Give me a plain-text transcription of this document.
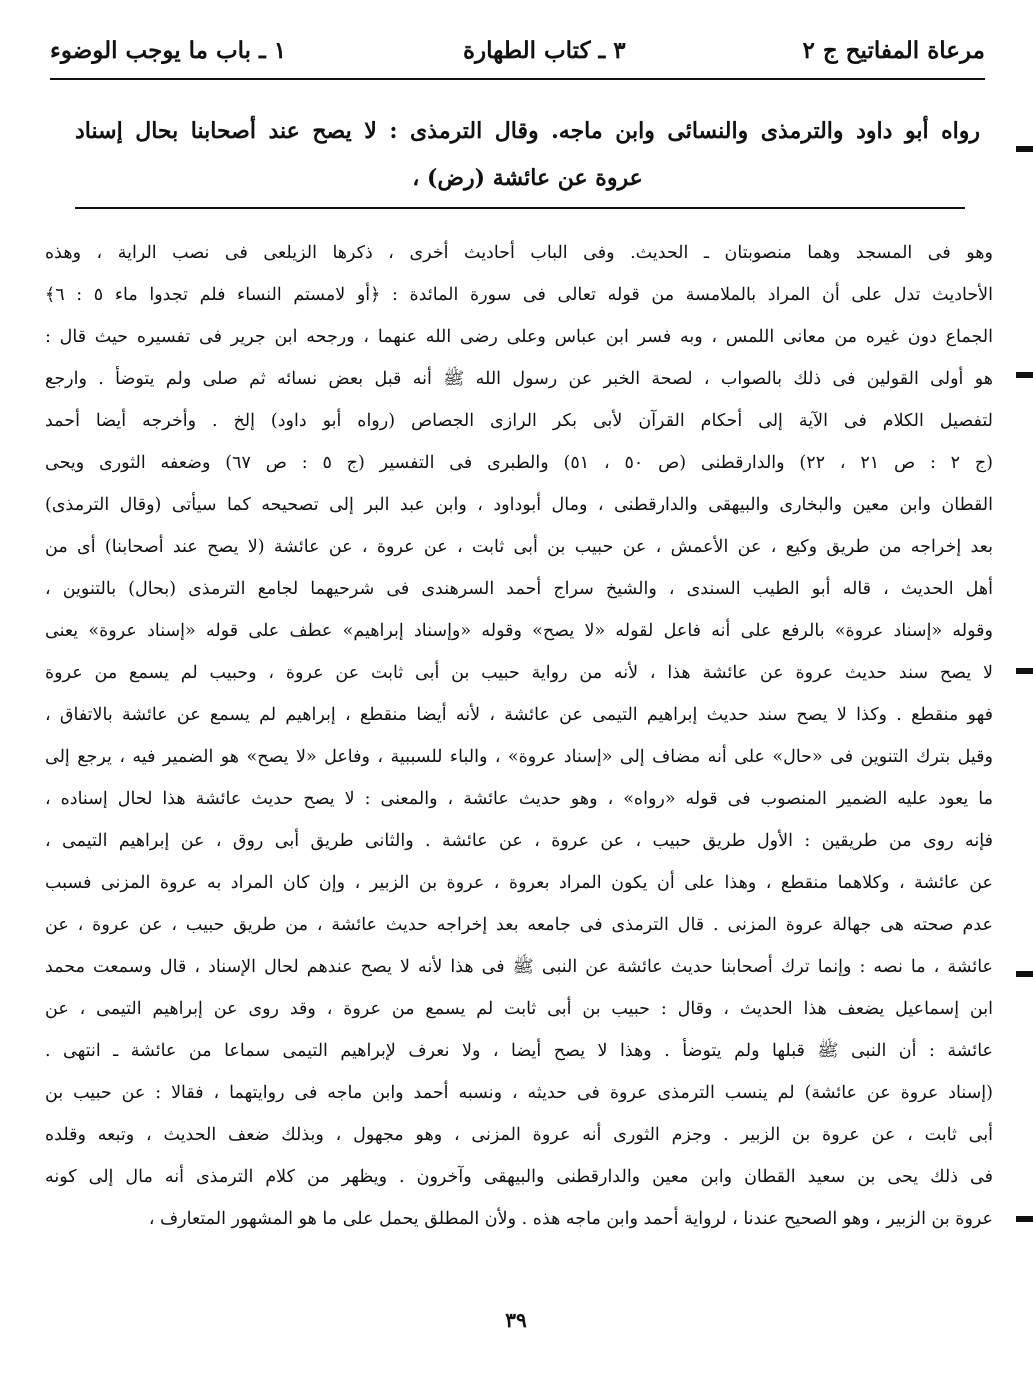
مرعاة المفاتيح ج ٢
٣ ـ كتاب الطهارة
١ ـ باب ما يوجب الوضوء

رواه أبو داود والترمذى والنسائى وابن ماجه. وقال الترمذى : لا يصح عند أصحابنا بحال إسناد

عروة عن عائشة (رض) ،

وهو فى المسجد وهما منصوبتان ـ الحديث. وفى الباب أحاديث أخرى ، ذكرها الزيلعى فى نصب الراية ، وهذه
الأحاديث تدل على أن المراد بالملامسة من قوله تعالى فى سورة المائدة : ﴿أو لامستم النساء فلم تجدوا ماء ٥ : ٦﴾
الجماع دون غيره من معانى اللمس ، وبه فسر ابن عباس وعلى رضى الله عنهما ، ورجحه ابن جرير فى تفسيره حيث قال :
هو أولى القولين فى ذلك بالصواب ، لصحة الخبر عن رسول الله ﷺ أنه قبل بعض نسائه ثم صلى ولم يتوضأ . وارجع
لتفصيل الكلام فى الآية إلى أحكام القرآن لأبى بكر الرازى الجصاص (رواه أبو داود) إلخ . وأخرجه أيضا أحمد
(ج ٢ : ص ٢١ ، ٢٢) والدارقطنى (ص ٥٠ ، ٥١) والطبرى فى التفسير (ج ٥ : ص ٦٧) وضعفه الثورى ويحى
القطان وابن معين والبخارى والبيهقى والدارقطنى ، ومال أبوداود ، وابن عبد البر إلى تصحيحه كما سيأتى (وقال الترمذى)
بعد إخراجه من طريق وكيع ، عن الأعمش ، عن حبيب بن أبى ثابت ، عن عروة ، عن عائشة (لا يصح عند أصحابنا) أى من
أهل الحديث ، قاله أبو الطيب السندى ، والشيخ سراج أحمد السرهندى فى شرحيهما لجامع الترمذى (بحال) بالتنوين ،
وقوله «إسناد عروة» بالرفع على أنه فاعل لقوله «لا يصح» وقوله «وإسناد إبراهيم» عطف على قوله «إسناد عروة» يعنى
لا يصح سند حديث عروة عن عائشة هذا ، لأنه من رواية حبيب بن أبى ثابت عن عروة ، وحبيب لم يسمع من عروة
فهو منقطع . وكذا لا يصح سند حديث إبراهيم التيمى عن عائشة ، لأنه أيضا منقطع ، إبراهيم لم يسمع عن عائشة بالاتفاق ،
وقيل بترك التنوين فى «حال» على أنه مضاف إلى «إسناد عروة» ، والباء للسببية ، وفاعل «لا يصح» هو الضمير فيه ، يرجع إلى
ما يعود عليه الضمير المنصوب فى قوله «رواه» ، وهو حديث عائشة ، والمعنى : لا يصح حديث عائشة هذا لحال إسناده ،
فإنه روى من طريقين : الأول طريق حبيب ، عن عروة ، عن عائشة . والثانى طريق أبى روق ، عن إبراهيم التيمى ،
عن عائشة ، وكلاهما منقطع ، وهذا على أن يكون المراد بعروة ، عروة بن الزبير ، وإن كان المراد به عروة المزنى فسبب
عدم صحته هى جهالة عروة المزنى . قال الترمذى فى جامعه بعد إخراجه حديث عائشة ، من طريق حبيب ، عن عروة ، عن
عائشة ، ما نصه : وإنما ترك أصحابنا حديث عائشة عن النبى ﷺ فى هذا لأنه لا يصح عندهم لحال الإسناد ، قال وسمعت محمد
ابن إسماعيل يضعف هذا الحديث ، وقال : حبيب بن أبى ثابت لم يسمع من عروة ، وقد روى عن إبراهيم التيمى ، عن
عائشة : أن النبى ﷺ قبلها ولم يتوضأ . وهذا لا يصح أيضا ، ولا نعرف لإبراهيم التيمى سماعا من عائشة ـ انتهى .
(إسناد عروة عن عائشة) لم ينسب الترمذى عروة فى حديثه ، ونسبه أحمد وابن ماجه فى روايتهما ، فقالا : عن حبيب بن
أبى ثابت ، عن عروة بن الزبير . وجزم الثورى أنه عروة المزنى ، وهو مجهول ، وبذلك ضعف الحديث ، وتبعه وقلده
فى ذلك يحى بن سعيد القطان وابن معين والدارقطنى والبيهقى وآخرون . ويظهر من كلام الترمذى أنه مال إلى كونه
عروة بن الزبير ، وهو الصحيح عندنا ، لرواية أحمد وابن ماجه هذه . ولأن المطلق يحمل على ما هو المشهور المتعارف ،
٣٩
